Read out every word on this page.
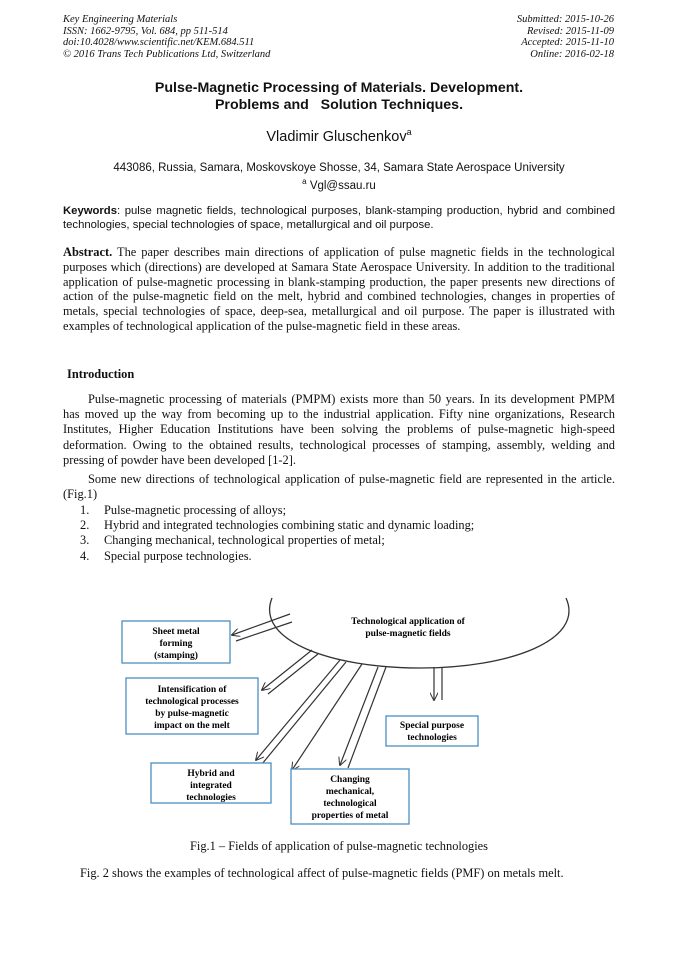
Key Engineering Materials
ISSN: 1662-9795, Vol. 684, pp 511-514
doi:10.4028/www.scientific.net/KEM.684.511
© 2016 Trans Tech Publications Ltd, Switzerland
Submitted: 2015-10-26
Revised: 2015-11-09
Accepted: 2015-11-10
Online: 2016-02-18
Pulse-Magnetic Processing of Materials. Development.
Problems and   Solution Techniques.
Vladimir Gluschenkov$^a$
443086, Russia, Samara, Moskovskoye Shosse, 34, Samara State Aerospace University
$^a$ Vgl@ssau.ru
Keywords: pulse magnetic fields, technological purposes, blank-stamping production, hybrid and combined technologies, special technologies of space, metallurgical and oil purpose.
Abstract. The paper describes main directions of application of pulse magnetic fields in the technological purposes which (directions) are developed at Samara State Aerospace University. In addition to the traditional application of pulse-magnetic processing in blank-stamping production, the paper presents new directions of action of the pulse-magnetic field on the melt, hybrid and combined technologies, changes in properties of metals, special technologies of space, deep-sea, metallurgical and oil purpose. The paper is illustrated with examples of technological application of the pulse-magnetic field in these areas.
Introduction
Pulse-magnetic processing of materials (PMPM) exists more than 50 years. In its development PMPM has moved up the way from becoming up to the industrial application. Fifty nine organizations, Research Institutes, Higher Education Institutions have been solving the problems of pulse-magnetic high-speed deformation. Owing to the obtained results, technological processes of stamping, assembly, welding and pressing of powder have been developed [1-2].
Some new directions of technological application of pulse-magnetic field are represented in the article. (Fig.1)
1.	Pulse-magnetic processing of alloys;
2.	Hybrid and integrated technologies combining static and dynamic loading;
3.	Changing mechanical, technological properties of metal;
4.	Special purpose technologies.
Technological application of
pulse-magnetic fields
Sheet metal
forming
(stamping)
Intensification of
technological processes
by pulse-magnetic
impact on the melt	Special purpose
technologies
Hybrid and
integrated
technologies
Changing
mechanical,
technological
properties of metal
Fig.1 – Fields of application of pulse-magnetic technologies
Fig. 2 shows the examples of technological affect of pulse-magnetic fields (PMF) on metals melt.
